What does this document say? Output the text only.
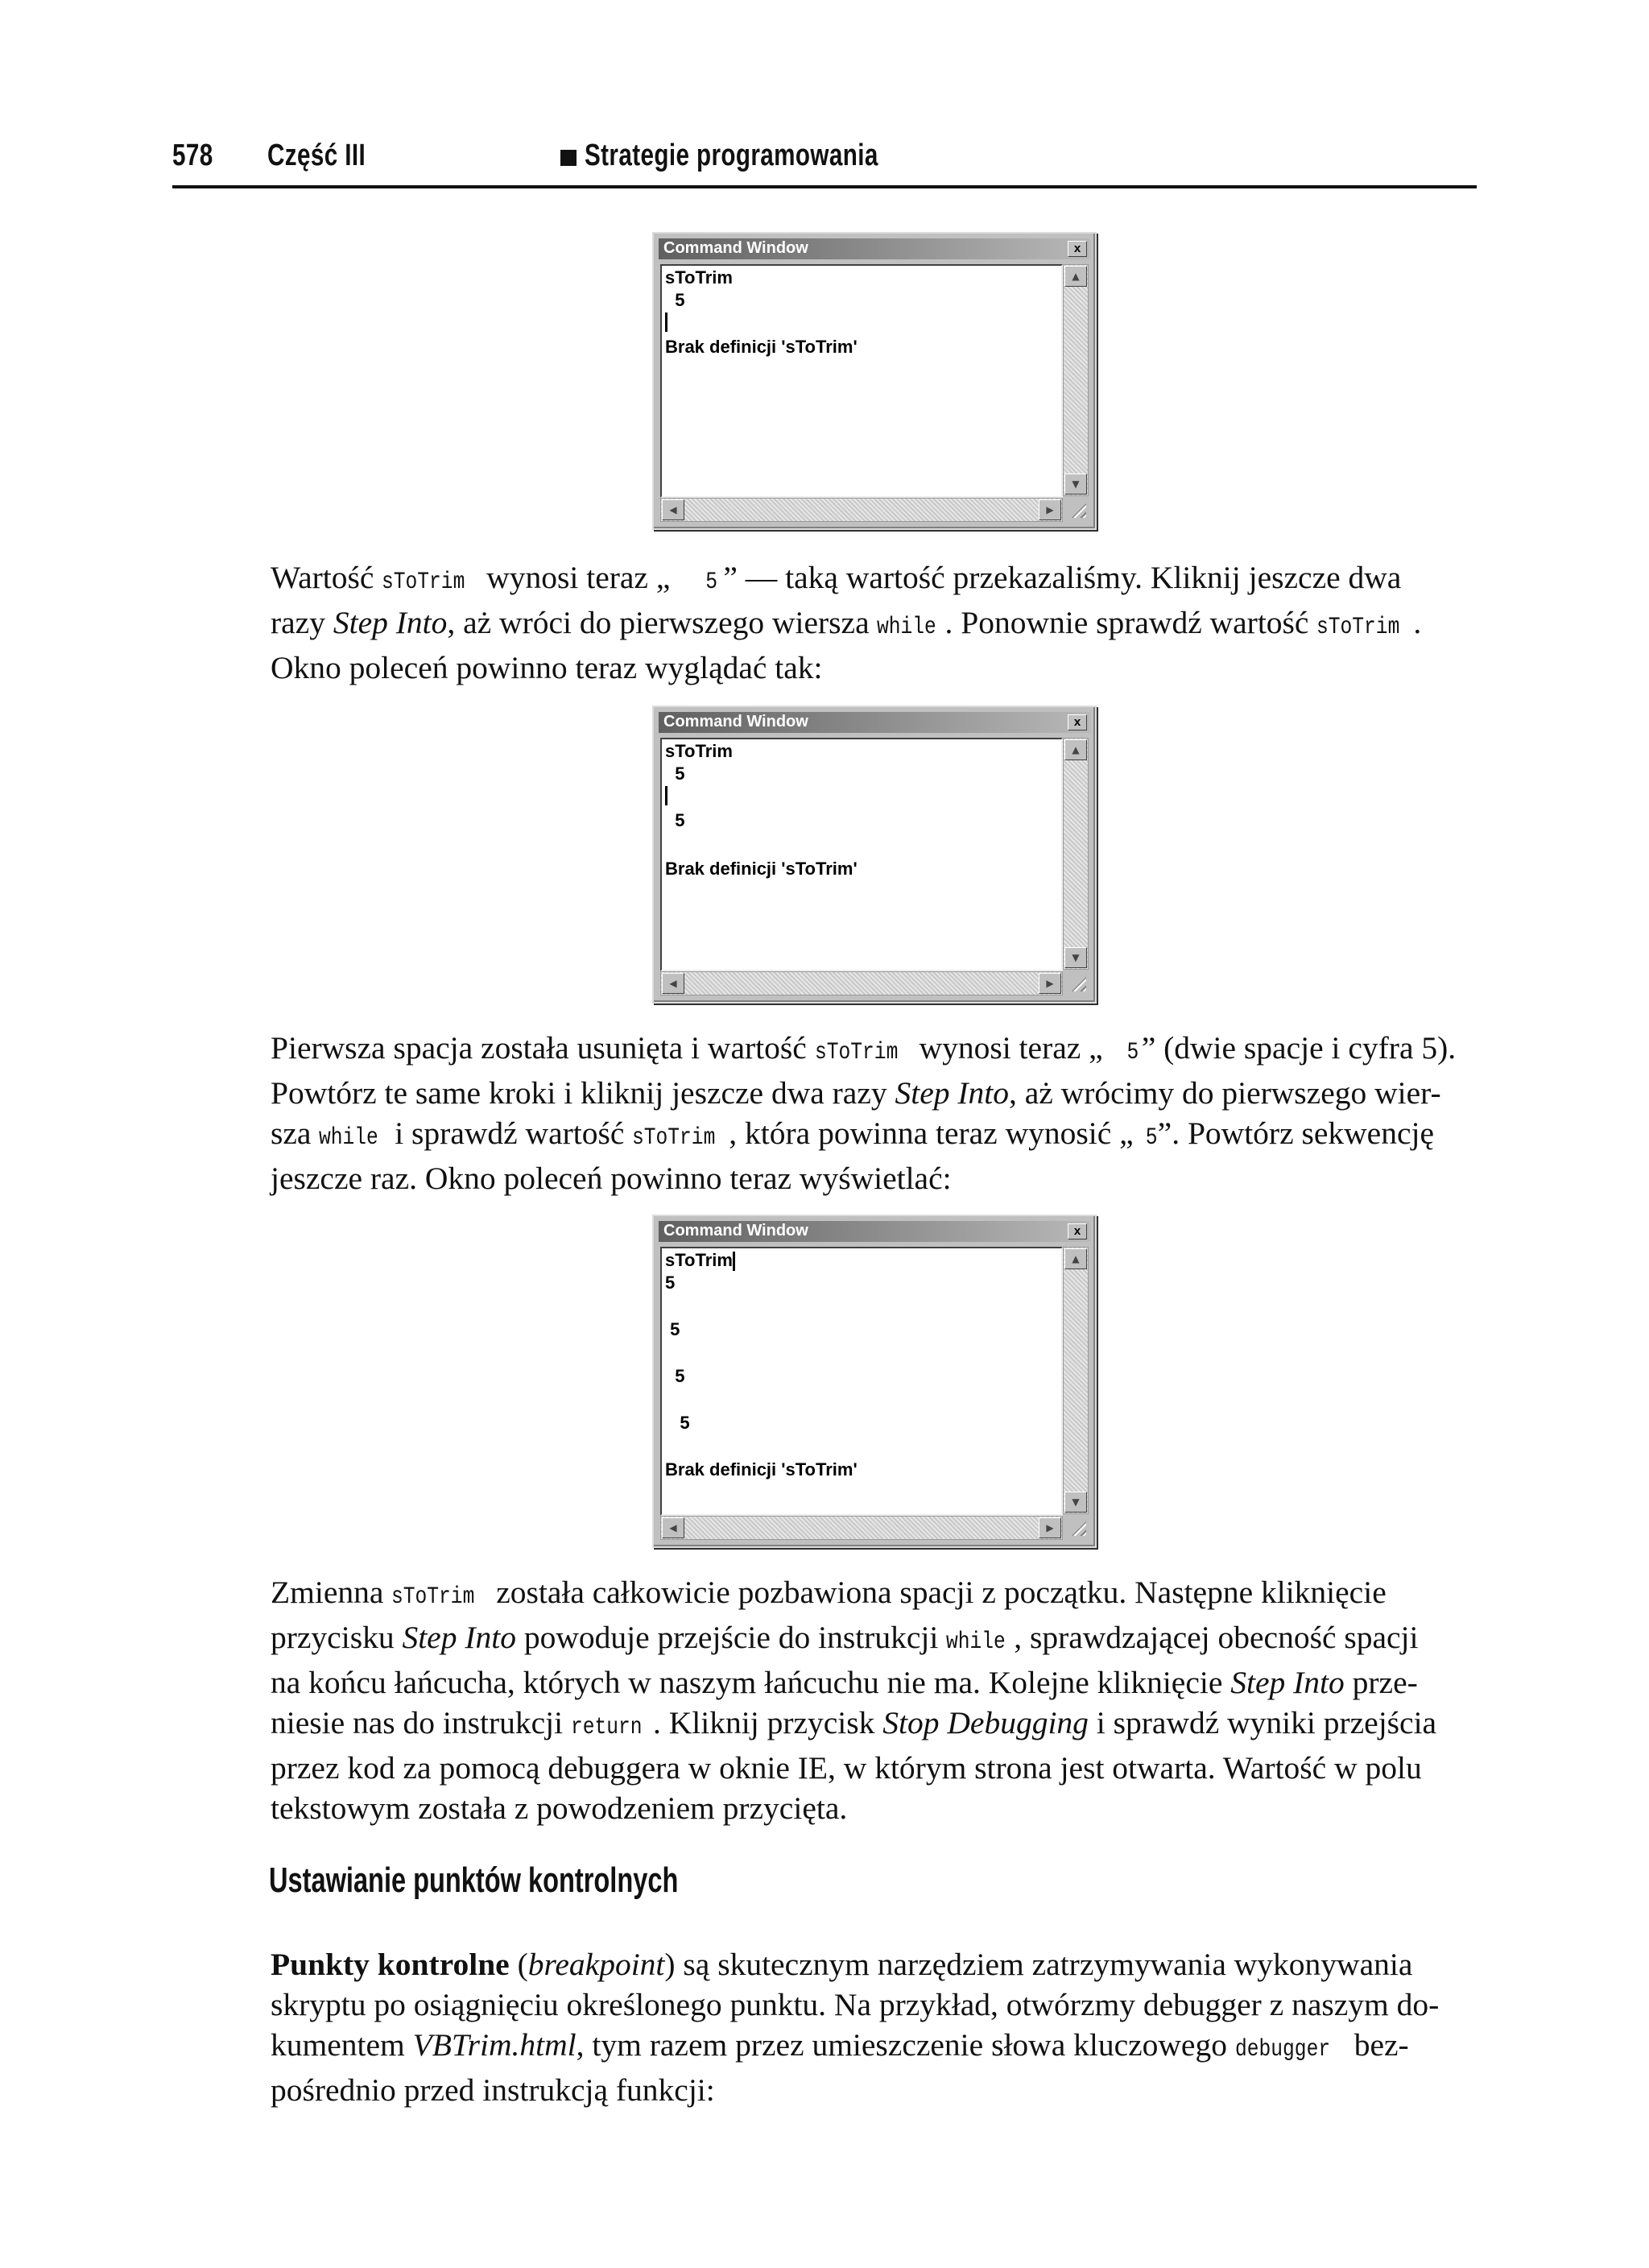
578 Część III	Strategie programowania
Command Window	x
sToTrim
5
Brak definicji 'sToTrim'
▲
▼
◀	▶
Wartość sToTrim wynosi teraz „   5 ” — taką wartość przekazaliśmy. Kliknij jeszcze dwa
razy Step Into, aż wróci do pierwszego wiersza while . Ponownie sprawdź wartość sToTrim .
Okno poleceń powinno teraz wyglądać tak:
Command Window	x
sToTrim
5
5
Brak definicji 'sToTrim'
▲
▼
◀	▶
Pierwsza spacja została usunięta i wartość sToTrim wynosi teraz „  5” (dwie spacje i cyfra 5).
Powtórz te same kroki i kliknij jeszcze dwa razy Step Into, aż wrócimy do pierwszego wier-
sza while i sprawdź wartość sToTrim , która powinna teraz wynosić „ 5”. Powtórz sekwencję
jeszcze raz. Okno poleceń powinno teraz wyświetlać:
Command Window	x
sToTrim
5
5
5
5
Brak definicji 'sToTrim'
▲
▼
◀	▶
Zmienna sToTrim została całkowicie pozbawiona spacji z początku. Następne kliknięcie
przycisku Step Into powoduje przejście do instrukcji while , sprawdzającej obecność spacji
na końcu łańcucha, których w naszym łańcuchu nie ma. Kolejne kliknięcie Step Into prze-
niesie nas do instrukcji return . Kliknij przycisk Stop Debugging i sprawdź wyniki przejścia
przez kod za pomocą debuggera w oknie IE, w którym strona jest otwarta. Wartość w polu
tekstowym została z powodzeniem przycięta.
Ustawianie punktów kontrolnych
Punkty kontrolne (breakpoint) są skutecznym narzędziem zatrzymywania wykonywania
skryptu po osiągnięciu określonego punktu. Na przykład, otwórzmy debugger z naszym do-
kumentem VBTrim.html, tym razem przez umieszczenie słowa kluczowego debugger bez-
pośrednio przed instrukcją funkcji:
